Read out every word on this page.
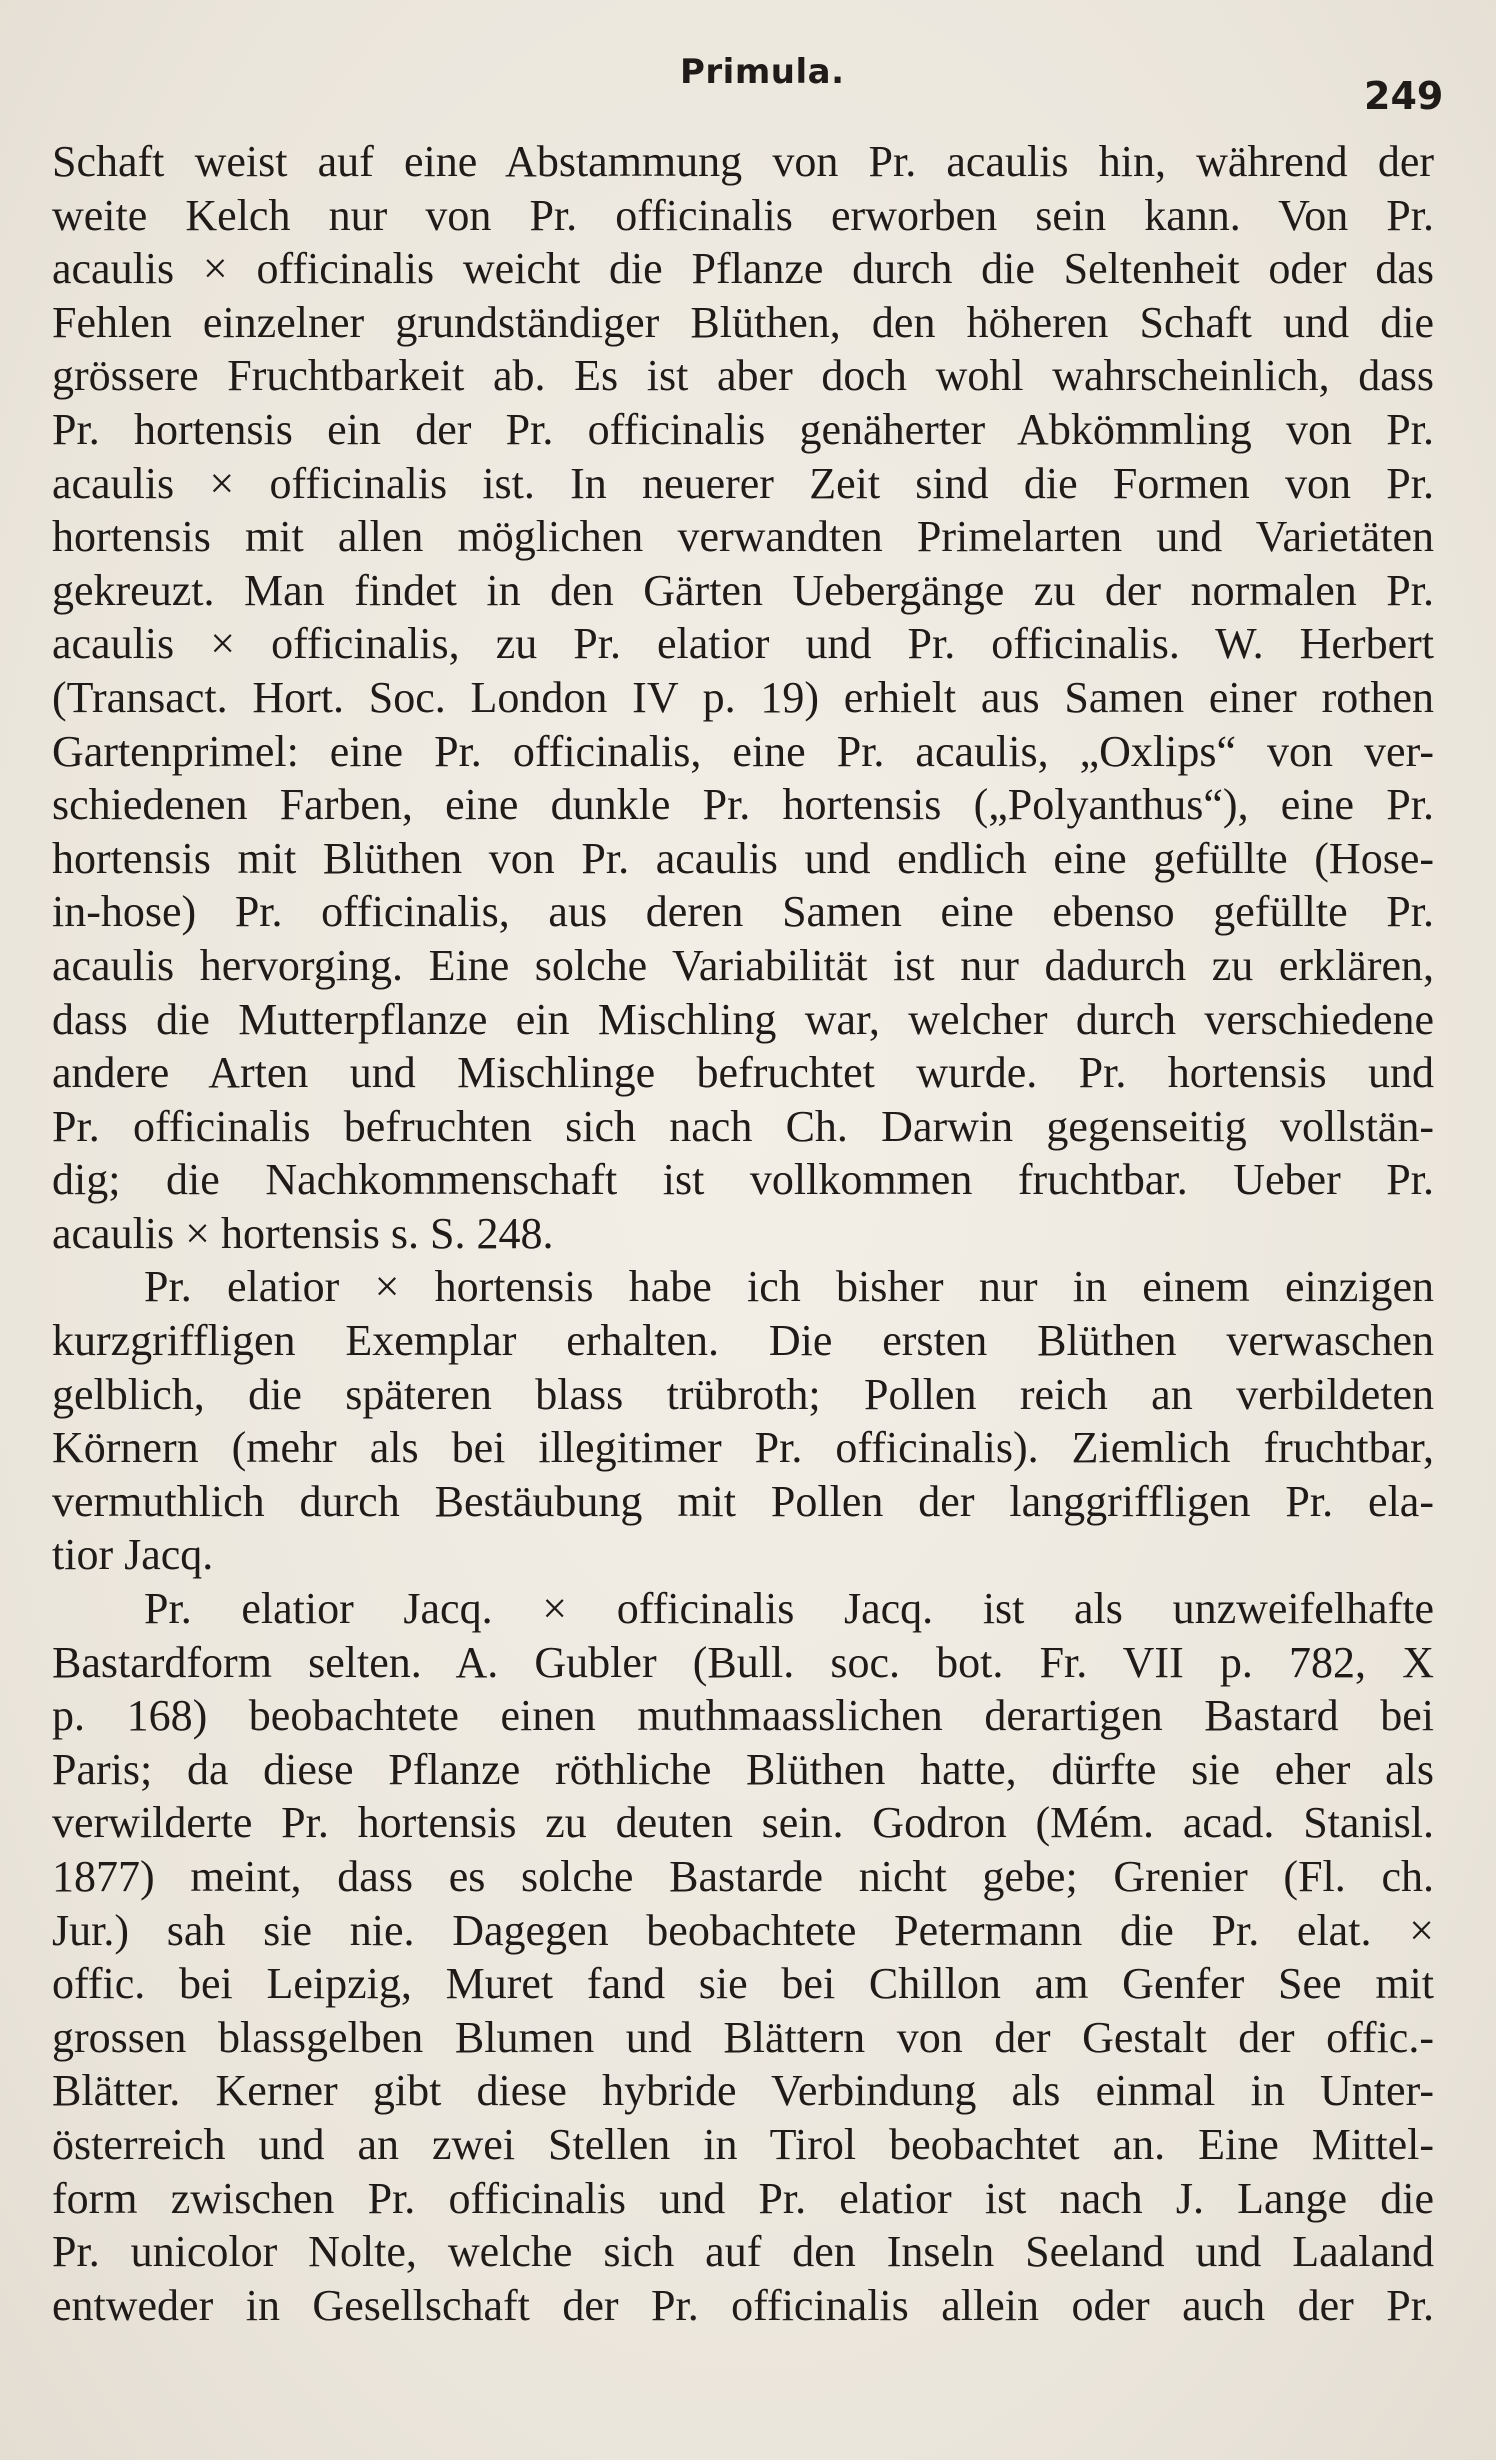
Primula.
249
Schaft weist auf eine Abstammung von Pr. acaulis hin, während der
weite Kelch nur von Pr. officinalis erworben sein kann. Von Pr.
acaulis × officinalis weicht die Pflanze durch die Seltenheit oder das
Fehlen einzelner grundständiger Blüthen, den höheren Schaft und die
grössere Fruchtbarkeit ab. Es ist aber doch wohl wahrscheinlich, dass
Pr. hortensis ein der Pr. officinalis genäherter Abkömmling von Pr.
acaulis × officinalis ist. In neuerer Zeit sind die Formen von Pr.
hortensis mit allen möglichen verwandten Primelarten und Varietäten
gekreuzt. Man findet in den Gärten Uebergänge zu der normalen Pr.
acaulis × officinalis, zu Pr. elatior und Pr. officinalis. W. Herbert
(Transact. Hort. Soc. London IV p. 19) erhielt aus Samen einer rothen
Gartenprimel: eine Pr. officinalis, eine Pr. acaulis, „Oxlips“ von ver-
schiedenen Farben, eine dunkle Pr. hortensis („Polyanthus“), eine Pr.
hortensis mit Blüthen von Pr. acaulis und endlich eine gefüllte (Hose-
in-hose) Pr. officinalis, aus deren Samen eine ebenso gefüllte Pr.
acaulis hervorging. Eine solche Variabilität ist nur dadurch zu erklären,
dass die Mutterpflanze ein Mischling war, welcher durch verschiedene
andere Arten und Mischlinge befruchtet wurde. Pr. hortensis und
Pr. officinalis befruchten sich nach Ch. Darwin gegenseitig vollstän-
dig; die Nachkommenschaft ist vollkommen fruchtbar. Ueber Pr.
acaulis × hortensis s. S. 248.
Pr. elatior × hortensis habe ich bisher nur in einem einzigen
kurzgriffligen Exemplar erhalten. Die ersten Blüthen verwaschen
gelblich, die späteren blass trübroth; Pollen reich an verbildeten
Körnern (mehr als bei illegitimer Pr. officinalis). Ziemlich fruchtbar,
vermuthlich durch Bestäubung mit Pollen der langgriffligen Pr. ela-
tior Jacq.
Pr. elatior Jacq. × officinalis Jacq. ist als unzweifelhafte
Bastardform selten. A. Gubler (Bull. soc. bot. Fr. VII p. 782, X
p. 168) beobachtete einen muthmaasslichen derartigen Bastard bei
Paris; da diese Pflanze röthliche Blüthen hatte, dürfte sie eher als
verwilderte Pr. hortensis zu deuten sein. Godron (Mém. acad. Stanisl.
1877) meint, dass es solche Bastarde nicht gebe; Grenier (Fl. ch.
Jur.) sah sie nie. Dagegen beobachtete Petermann die Pr. elat. ×
offic. bei Leipzig, Muret fand sie bei Chillon am Genfer See mit
grossen blassgelben Blumen und Blättern von der Gestalt der offic.-
Blätter. Kerner gibt diese hybride Verbindung als einmal in Unter-
österreich und an zwei Stellen in Tirol beobachtet an. Eine Mittel-
form zwischen Pr. officinalis und Pr. elatior ist nach J. Lange die
Pr. unicolor Nolte, welche sich auf den Inseln Seeland und Laaland
entweder in Gesellschaft der Pr. officinalis allein oder auch der Pr.
